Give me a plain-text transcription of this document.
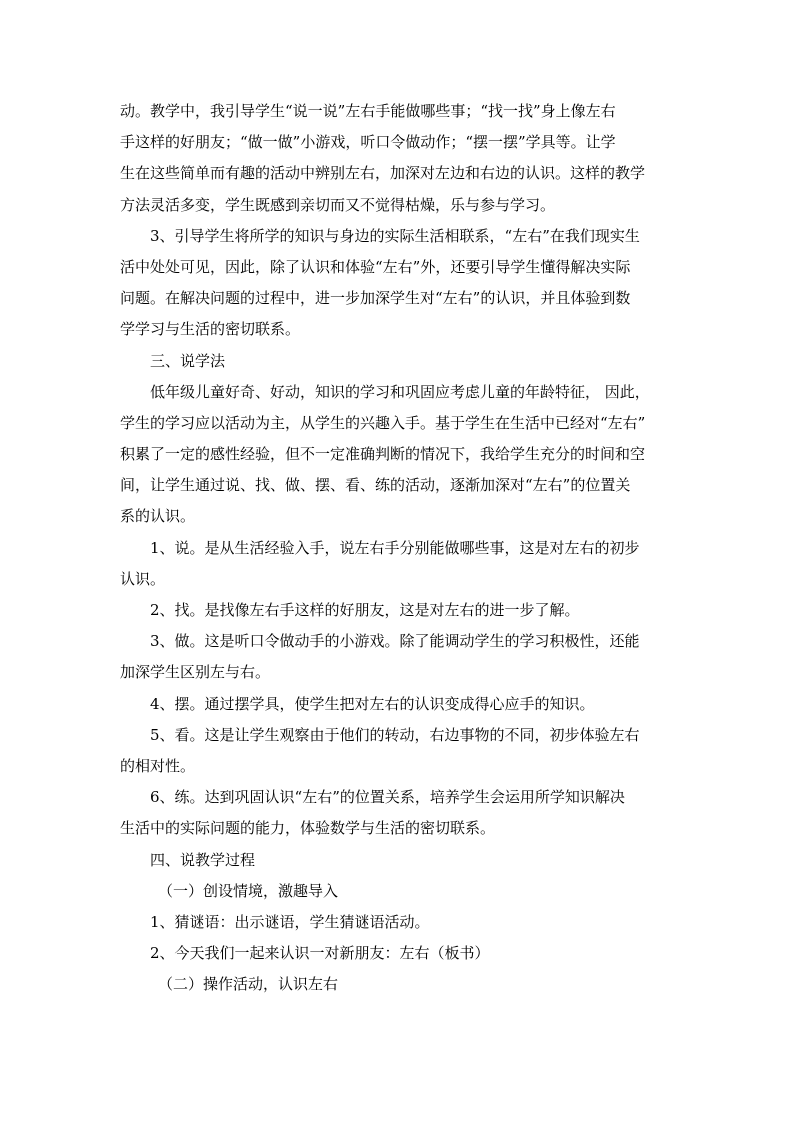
动。教学中，我引导学生“说一说”左右手能做哪些事；“找一找”身上像左右
手这样的好朋友；“做一做”小游戏，听口令做动作；“摆一摆”学具等。让学
生在这些简单而有趣的活动中辨别左右，加深对左边和右边的认识。这样的教学
方法灵活多变，学生既感到亲切而又不觉得枯燥，乐与参与学习。
3、引导学生将所学的知识与身边的实际生活相联系，“左右”在我们现实生
活中处处可见，因此，除了认识和体验“左右”外，还要引导学生懂得解决实际
问题。在解决问题的过程中，进一步加深学生对“左右”的认识，并且体验到数
学学习与生活的密切联系。
三、说学法
低年级儿童好奇、好动，知识的学习和巩固应考虑儿童的年龄特征， 因此，
学生的学习应以活动为主，从学生的兴趣入手。基于学生在生活中已经对“左右”
积累了一定的感性经验，但不一定准确判断的情况下，我给学生充分的时间和空
间，让学生通过说、找、做、摆、看、练的活动，逐渐加深对“左右”的位置关
系的认识。
1、说。是从生活经验入手，说左右手分别能做哪些事，这是对左右的初步
认识。
2、找。是找像左右手这样的好朋友，这是对左右的进一步了解。
3、做。这是听口令做动手的小游戏。除了能调动学生的学习积极性，还能
加深学生区别左与右。
4、摆。通过摆学具，使学生把对左右的认识变成得心应手的知识。
5、看。这是让学生观察由于他们的转动，右边事物的不同，初步体验左右
的相对性。
6、练。达到巩固认识“左右”的位置关系，培养学生会运用所学知识解决
生活中的实际问题的能力，体验数学与生活的密切联系。
四、说教学过程
（一）创设情境，激趣导入
1、猜谜语：出示谜语，学生猜谜语活动。
2、今天我们一起来认识一对新朋友：左右（板书）
（二）操作活动，认识左右
